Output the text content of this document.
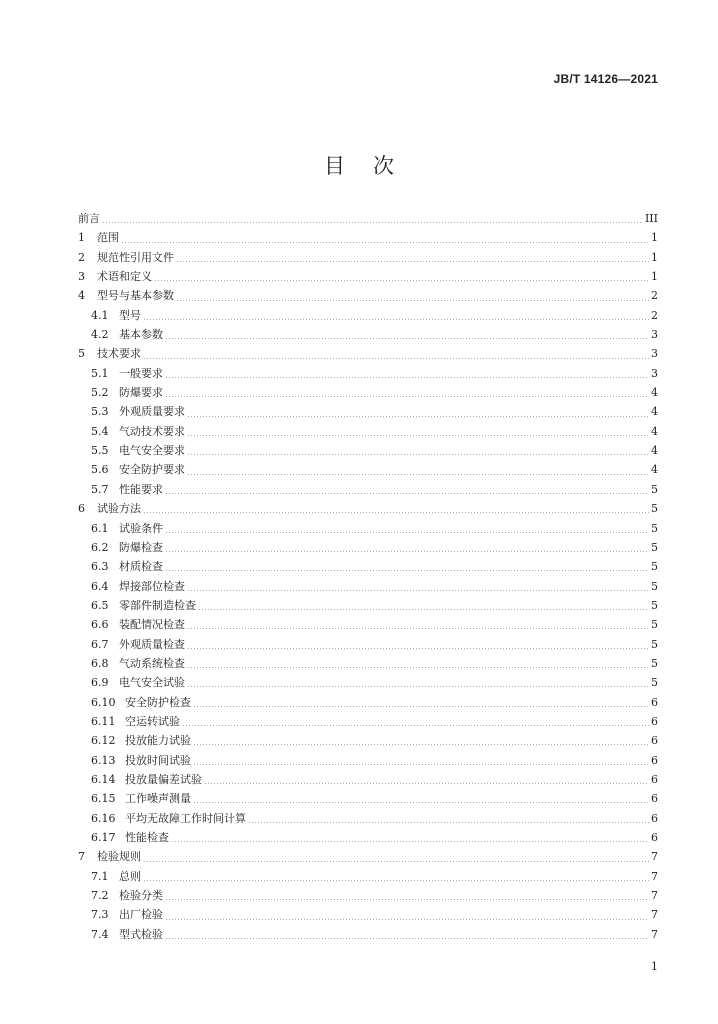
JB/T 14126—2021
目次
前言	III
1	范围	1
2	规范性引用文件	1
3	术语和定义	1
4	型号与基本参数	2
4.1 型号	2
4.2 基本参数	3
5	技术要求	3
5.1 一般要求	3
5.2 防爆要求	4
5.3 外观质量要求	4
5.4 气动技术要求	4
5.5 电气安全要求	4
5.6 安全防护要求	4
5.7 性能要求	5
6	试验方法	5
6.1 试验条件	5
6.2 防爆检查	5
6.3 材质检查	5
6.4 焊接部位检查	5
6.5 零部件制造检查	5
6.6 装配情况检查	5
6.7 外观质量检查	5
6.8 气动系统检查	5
6.9 电气安全试验	5
6.10 安全防护检查	6
6.11 空运转试验	6
6.12 投放能力试验	6
6.13 投放时间试验	6
6.14 投放量偏差试验	6
6.15 工作噪声测量	6
6.16 平均无故障工作时间计算	6
6.17 性能检查	6
7	检验规则	7
7.1 总则	7
7.2 检验分类	7
7.3 出厂检验	7
7.4 型式检验	7
1
